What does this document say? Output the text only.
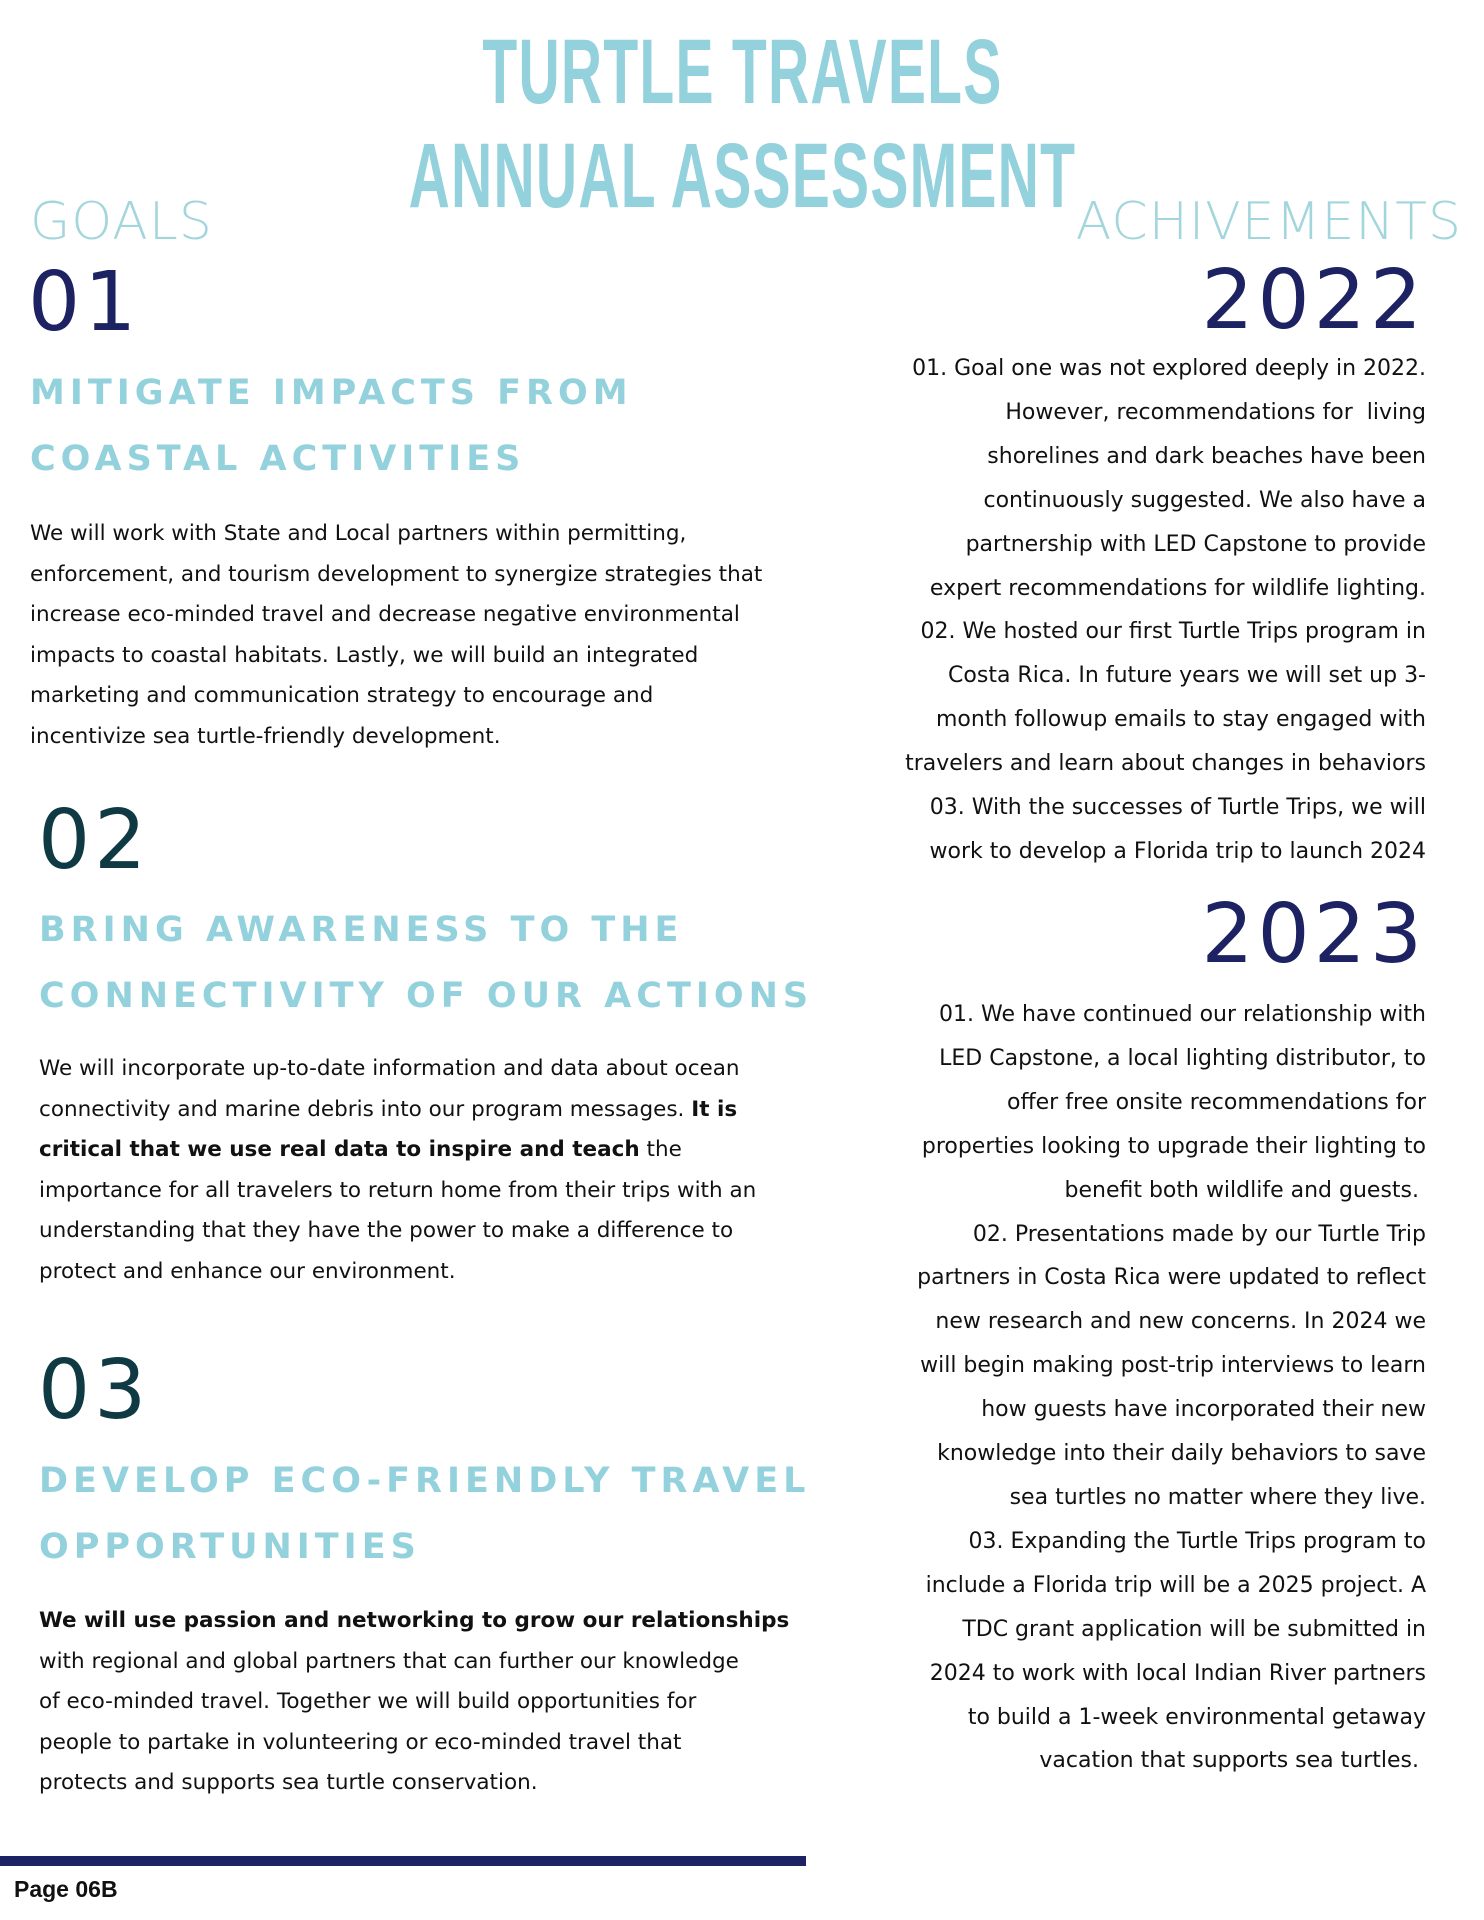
TURTLE TRAVELS
ANNUAL ASSESSMENT
GOALS	ACHIVEMENTS
01
MITIGATE IMPACTS FROM
COASTAL ACTIVITIES
We will work with State and Local partners within permitting,
enforcement, and tourism development to synergize strategies that
increase eco-minded travel and decrease negative environmental
impacts to coastal habitats. Lastly, we will build an integrated
marketing and communication strategy to encourage and
incentivize sea turtle-friendly development.
02
BRING AWARENESS TO THE
CONNECTIVITY OF OUR ACTIONS
We will incorporate up-to-date information and data about ocean
connectivity and marine debris into our program messages. It is
critical that we use real data to inspire and teach the
importance for all travelers to return home from their trips with an
understanding that they have the power to make a difference to
protect and enhance our environment.
03
DEVELOP ECO-FRIENDLY TRAVEL
OPPORTUNITIES
We will use passion and networking to grow our relationships
with regional and global partners that can further our knowledge
of eco-minded travel. Together we will build opportunities for
people to partake in volunteering or eco-minded travel that
protects and supports sea turtle conservation.
2022
01. Goal one was not explored deeply in 2022.
However, recommendations for  living
shorelines and dark beaches have been
continuously suggested. We also have a
partnership with LED Capstone to provide
expert recommendations for wildlife lighting.
02. We hosted our first Turtle Trips program in
Costa Rica. In future years we will set up 3-
month followup emails to stay engaged with
travelers and learn about changes in behaviors
03. With the successes of Turtle Trips, we will
work to develop a Florida trip to launch 2024
2023
01. We have continued our relationship with
LED Capstone, a local lighting distributor, to
offer free onsite recommendations for
properties looking to upgrade their lighting to
benefit both wildlife and guests.
02. Presentations made by our Turtle Trip
partners in Costa Rica were updated to reflect
new research and new concerns. In 2024 we
will begin making post-trip interviews to learn
how guests have incorporated their new
knowledge into their daily behaviors to save
sea turtles no matter where they live.
03. Expanding the Turtle Trips program to
include a Florida trip will be a 2025 project. A
TDC grant application will be submitted in
2024 to work with local Indian River partners
to build a 1-week environmental getaway
vacation that supports sea turtles.
Page 06B
